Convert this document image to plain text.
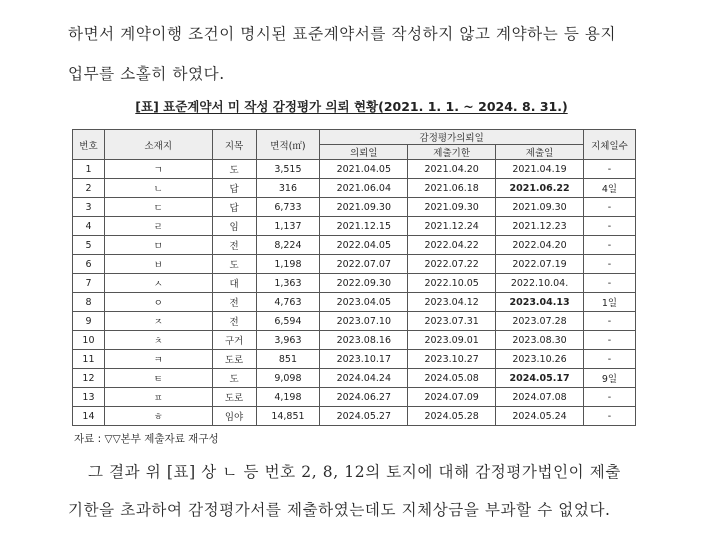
하면서 계약이행 조건이 명시된 표준계약서를 작성하지 않고 계약하는 등 용지
업무를 소홀히 하였다.
[표] 표준계약서 미 작성 감정평가 의뢰 현황(2021. 1. 1. ~ 2024. 8. 31.)
번호	소재지	지목	면적(㎡)	감정평가의뢰일			지체일수
				의뢰일	제출기한	제출일	
1	ㄱ	도	3,515	2021.04.05	2021.04.20	2021.04.19	-
2	ㄴ	답	316	2021.06.04	2021.06.18	2021.06.22	4일
3	ㄷ	답	6,733	2021.09.30	2021.09.30	2021.09.30	-
4	ㄹ	임	1,137	2021.12.15	2021.12.24	2021.12.23	-
5	ㅁ	전	8,224	2022.04.05	2022.04.22	2022.04.20	-
6	ㅂ	도	1,198	2022.07.07	2022.07.22	2022.07.19	-
7	ㅅ	대	1,363	2022.09.30	2022.10.05	2022.10.04.	-
8	ㅇ	전	4,763	2023.04.05	2023.04.12	2023.04.13	1일
9	ㅈ	전	6,594	2023.07.10	2023.07.31	2023.07.28	-
10	ㅊ	구거	3,963	2023.08.16	2023.09.01	2023.08.30	-
11	ㅋ	도로	851	2023.10.17	2023.10.27	2023.10.26	-
12	ㅌ	도	9,098	2024.04.24	2024.05.08	2024.05.17	9일
13	ㅍ	도로	4,198	2024.06.27	2024.07.09	2024.07.08	-
14	ㅎ	임야	14,851	2024.05.27	2024.05.28	2024.05.24	-
자료 : ▽▽본부 제출자료 재구성
그 결과 위 [표] 상 ㄴ 등 번호 2, 8, 12의 토지에 대해 감정평가법인이 제출
기한을 초과하여 감정평가서를 제출하였는데도 지체상금을 부과할 수 없었다.
